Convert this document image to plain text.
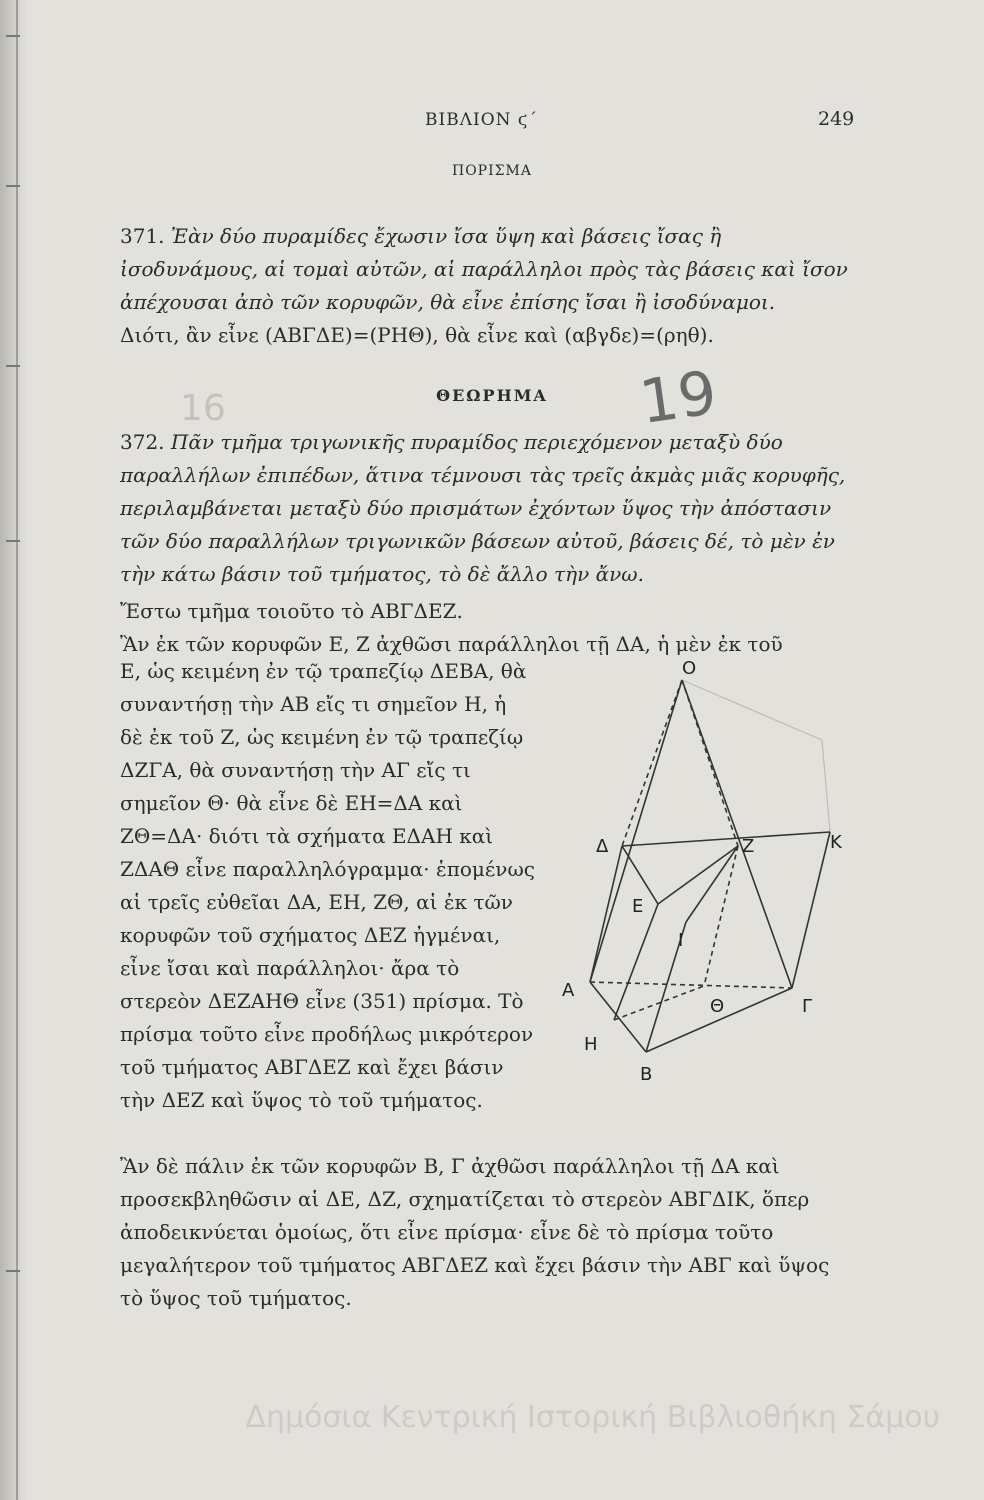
ΒΙΒΛΙΟΝ ϛ΄	249
ΠΟΡΙΣΜΑ
371. Ἐὰν δύο πυραμίδες ἔχωσιν ἴσα ὕψη καὶ βάσεις ἴσας ἢ ἰσοδυνάμους, αἱ τομαὶ αὐτῶν, αἱ παράλληλοι πρὸς τὰς βάσεις καὶ ἴσον ἀπέχουσαι ἀπὸ τῶν κορυφῶν, θὰ εἶνε ἐπίσης ἴσαι ἢ ἰσοδύναμοι.
Διότι, ἂν εἶνε (ΑΒΓΔΕ)=(ΡΗΘ), θὰ εἶνε καὶ (αβγδε)=(ρηθ).
16	ΘΕΩΡΗΜΑ	19
372. Πᾶν τμῆμα τριγωνικῆς πυραμίδος περιεχόμενον μεταξὺ δύο παραλλήλων ἐπιπέδων, ἅτινα τέμνουσι τὰς τρεῖς ἀκμὰς μιᾶς κορυφῆς, περιλαμβάνεται μεταξὺ δύο πρισμάτων ἐχόντων ὕψος τὴν ἀπόστασιν τῶν δύο παραλλήλων τριγωνικῶν βάσεων αὐτοῦ, βάσεις δέ, τὸ μὲν ἐν τὴν κάτω βάσιν τοῦ τμήματος, τὸ δὲ ἄλλο τὴν ἄνω.
Ἔστω τμῆμα τοιοῦτο τὸ ΑΒΓΔΕΖ.
Ἂν ἐκ τῶν κορυφῶν Ε, Ζ ἀχθῶσι παράλληλοι τῇ ΔΑ, ἡ μὲν ἐκ τοῦ
Ε, ὡς κειμένη ἐν τῷ τραπεζίῳ ΔΕΒΑ, θὰ συναντήσῃ τὴν ΑΒ εἴς τι σημεῖον Η, ἡ δὲ ἐκ τοῦ Ζ, ὡς κειμένη ἐν τῷ τραπεζίῳ ΔΖΓΑ, θὰ συναντήσῃ τὴν ΑΓ εἴς τι σημεῖον Θ· θὰ εἶνε δὲ ΕΗ=ΔΑ καὶ ΖΘ=ΔΑ· διότι τὰ σχήματα ΕΔΑΗ καὶ ΖΔΑΘ εἶνε παραλληλόγραμμα· ἑπομένως αἱ τρεῖς εὐθεῖαι ΔΑ, ΕΗ, ΖΘ, αἱ ἐκ τῶν κορυφῶν τοῦ σχήματος ΔΕΖ ἠγμέναι, εἶνε ἴσαι καὶ παράλληλοι· ἄρα τὸ στερεὸν ΔΕΖΑΗΘ εἶνε (351) πρίσμα. Τὸ πρίσμα τοῦτο εἶνε προδήλως μικρότερον τοῦ τμήματος ΑΒΓΔΕΖ καὶ ἔχει βάσιν τὴν ΔΕΖ καὶ ὕψος τὸ τοῦ τμήματος.
Ο
Δ	Z	K
E
I
A
Θ	Γ
H
B
Ἂν δὲ πάλιν ἐκ τῶν κορυφῶν Β, Γ ἀχθῶσι παράλληλοι τῇ ΔΑ καὶ προσεκβληθῶσιν αἱ ΔΕ, ΔΖ, σχηματίζεται τὸ στερεὸν ΑΒΓΔΙΚ, ὅπερ ἀποδεικνύεται ὁμοίως, ὅτι εἶνε πρίσμα· εἶνε δὲ τὸ πρίσμα τοῦτο μεγαλήτερον τοῦ τμήματος ΑΒΓΔΕΖ καὶ ἔχει βάσιν τὴν ΑΒΓ καὶ ὕψος τὸ ὕψος τοῦ τμήματος.
Δημόσια Κεντρική Ιστορική Βιβλιοθήκη Σάμου
